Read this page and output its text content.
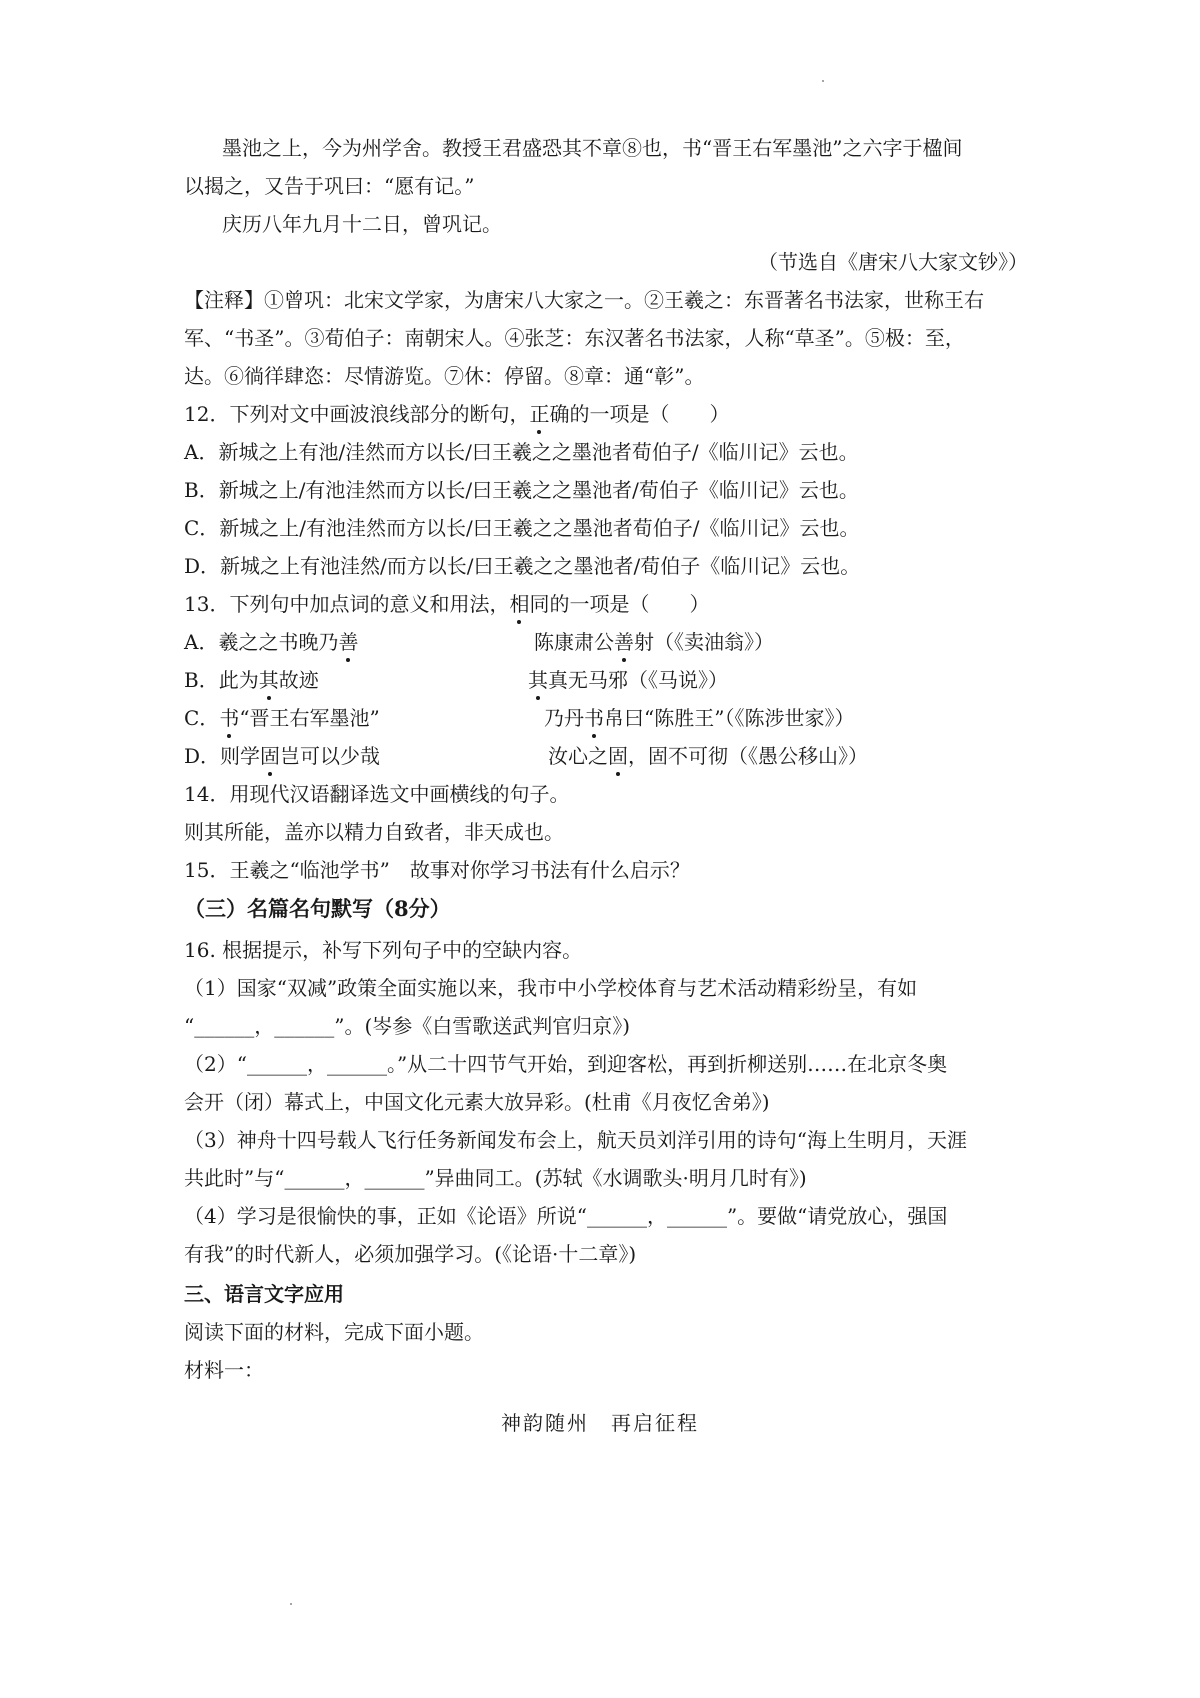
墨池之上，今为州学舍。教授王君盛恐其不章⑧也，书“晋王右军墨池”之六字于楹间
以揭之，又告于巩曰：“愿有记。”
庆历八年九月十二日，曾巩记。
（节选自《唐宋八大家文钞》）
【注释】①曾巩：北宋文学家，为唐宋八大家之一。②王羲之：东晋著名书法家，世称王右
军、“书圣”。③荀伯子：南朝宋人。④张芝：东汉著名书法家，人称“草圣”。⑤极：至，
达。⑥徜徉肆恣：尽情游览。⑦休：停留。⑧章：通“彰”。
12．下列对文中画波浪线部分的断句，正确的一项是（　　）
A．新城之上有池/洼然而方以长/曰王羲之之墨池者荀伯子/《临川记》云也。
B．新城之上/有池洼然而方以长/曰王羲之之墨池者/荀伯子《临川记》云也。
C．新城之上/有池洼然而方以长/曰王羲之之墨池者荀伯子/《临川记》云也。
D．新城之上有池洼然/而方以长/曰王羲之之墨池者/荀伯子《临川记》云也。
13．下列句中加点词的意义和用法，相同的一项是（　　）
A．羲之之书晚乃善	陈康肃公善射（《卖油翁》）
B．此为其故迹	其真无马邪（《马说》）
C．书“晋王右军墨池”	乃丹书帛曰“陈胜王”（《陈涉世家》）
D．则学固岂可以少哉	汝心之固，固不可彻（《愚公移山》）
14．用现代汉语翻译选文中画横线的句子。
则其所能，盖亦以精力自致者，非天成也。
15．王羲之“临池学书”　故事对你学习书法有什么启示？
（三）名篇名句默写（8分）
16. 根据提示，补写下列句子中的空缺内容。
（1）国家“双减”政策全面实施以来，我市中小学校体育与艺术活动精彩纷呈，有如
“______，______”。(岑参《白雪歌送武判官归京》)
（2）“______，______。”从二十四节气开始，到迎客松，再到折柳送别……在北京冬奥
会开（闭）幕式上，中国文化元素大放异彩。(杜甫《月夜忆舍弟》)
（3）神舟十四号载人飞行任务新闻发布会上，航天员刘洋引用的诗句“海上生明月，天涯
共此时”与“______，______”异曲同工。(苏轼《水调歌头·明月几时有》)
（4）学习是很愉快的事，正如《论语》所说“______，______”。要做“请党放心，强国
有我”的时代新人，必须加强学习。(《论语·十二章》)
三、语言文字应用
阅读下面的材料，完成下面小题。
材料一：
神韵随州　再启征程
